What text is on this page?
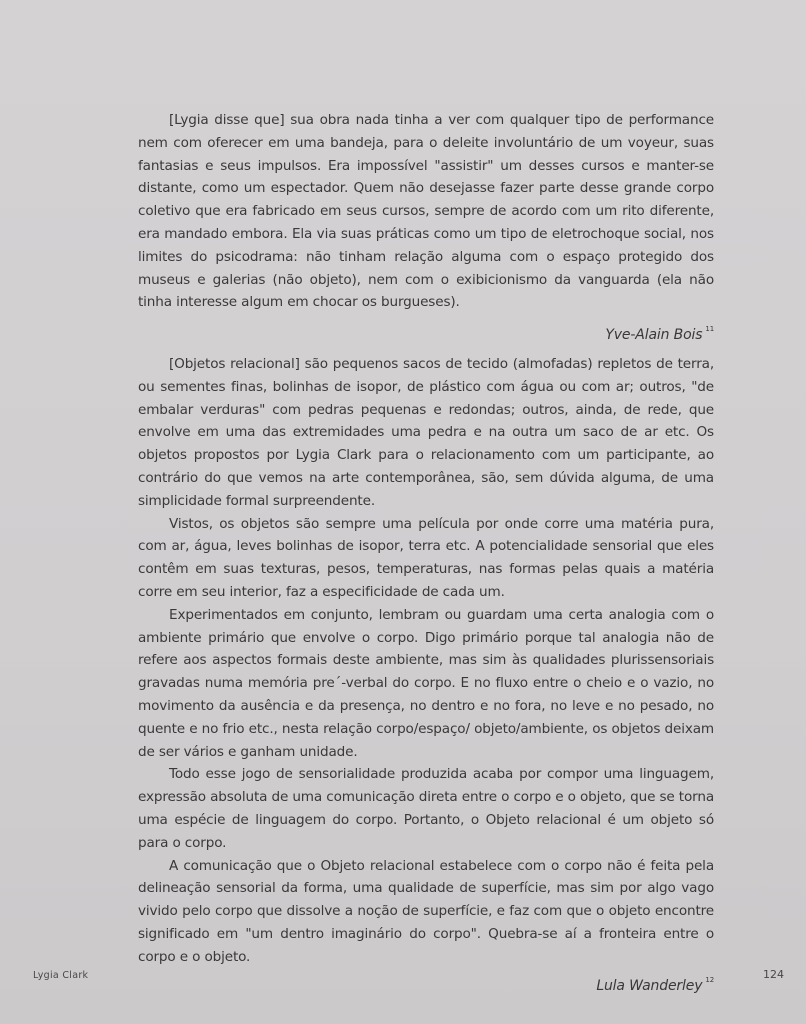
[Lygia disse que] sua obra nada tinha a ver com qualquer tipo de performance nem com oferecer em uma bandeja, para o deleite involuntário de um voyeur, suas fantasias e seus impulsos. Era impossível "assistir" um desses cursos e manter-se distante, como um espectador. Quem não desejasse fazer parte desse grande corpo coletivo que era fabricado em seus cursos, sempre de acordo com um rito diferente, era mandado embora. Ela via suas práticas como um tipo de eletrochoque social, nos limites do psicodrama: não tinham relação alguma com o espaço protegido dos museus e galerias (não objeto), nem com o exibicionismo da vanguarda (ela não tinha interesse algum em chocar os burgueses).

Yve-Alain Bois $^{11}$

[Objetos relacional] são pequenos sacos de tecido (almofadas) repletos de terra, ou sementes finas, bolinhas de isopor, de plástico com água ou com ar; outros, "de embalar verduras" com pedras pequenas e redondas; outros, ainda, de rede, que envolve em uma das extremidades uma pedra e na outra um saco de ar etc. Os objetos propostos por Lygia Clark para o relacionamento com um participante, ao contrário do que vemos na arte contemporânea, são, sem dúvida alguma, de uma simplicidade formal surpreendente.

Vistos, os objetos são sempre uma película por onde corre uma matéria pura, com ar, água, leves bolinhas de isopor, terra etc. A potencialidade sensorial que eles contêm em suas texturas, pesos, temperaturas, nas formas pelas quais a matéria corre em seu interior, faz a especificidade de cada um.

Experimentados em conjunto, lembram ou guardam uma certa analogia com o ambiente primário que envolve o corpo. Digo primário porque tal analogia não de refere aos aspectos formais deste ambiente, mas sim às qualidades plurissensoriais gravadas numa memória pre´-verbal do corpo. E no fluxo entre o cheio e o vazio, no movimento da ausência e da presença, no dentro e no fora, no leve e no pesado, no quente e no frio etc., nesta relação corpo/espaço/ objeto/ambiente, os objetos deixam de ser vários e ganham unidade.

Todo esse jogo de sensorialidade produzida acaba por compor uma linguagem, expressão absoluta de uma comunicação direta entre o corpo e o objeto, que se torna uma espécie de linguagem do corpo. Portanto, o Objeto relacional é um objeto só para o corpo.

A comunicação que o Objeto relacional estabelece com o corpo não é feita pela delineação sensorial da forma, uma qualidade de superfície, mas sim por algo vago vivido pelo corpo que dissolve a noção de superfície, e faz com que o objeto encontre significado em "um dentro imaginário do corpo". Quebra-se aí a fronteira entre o corpo e o objeto.

Lula Wanderley $^{12}$

Lygia Clark	124
